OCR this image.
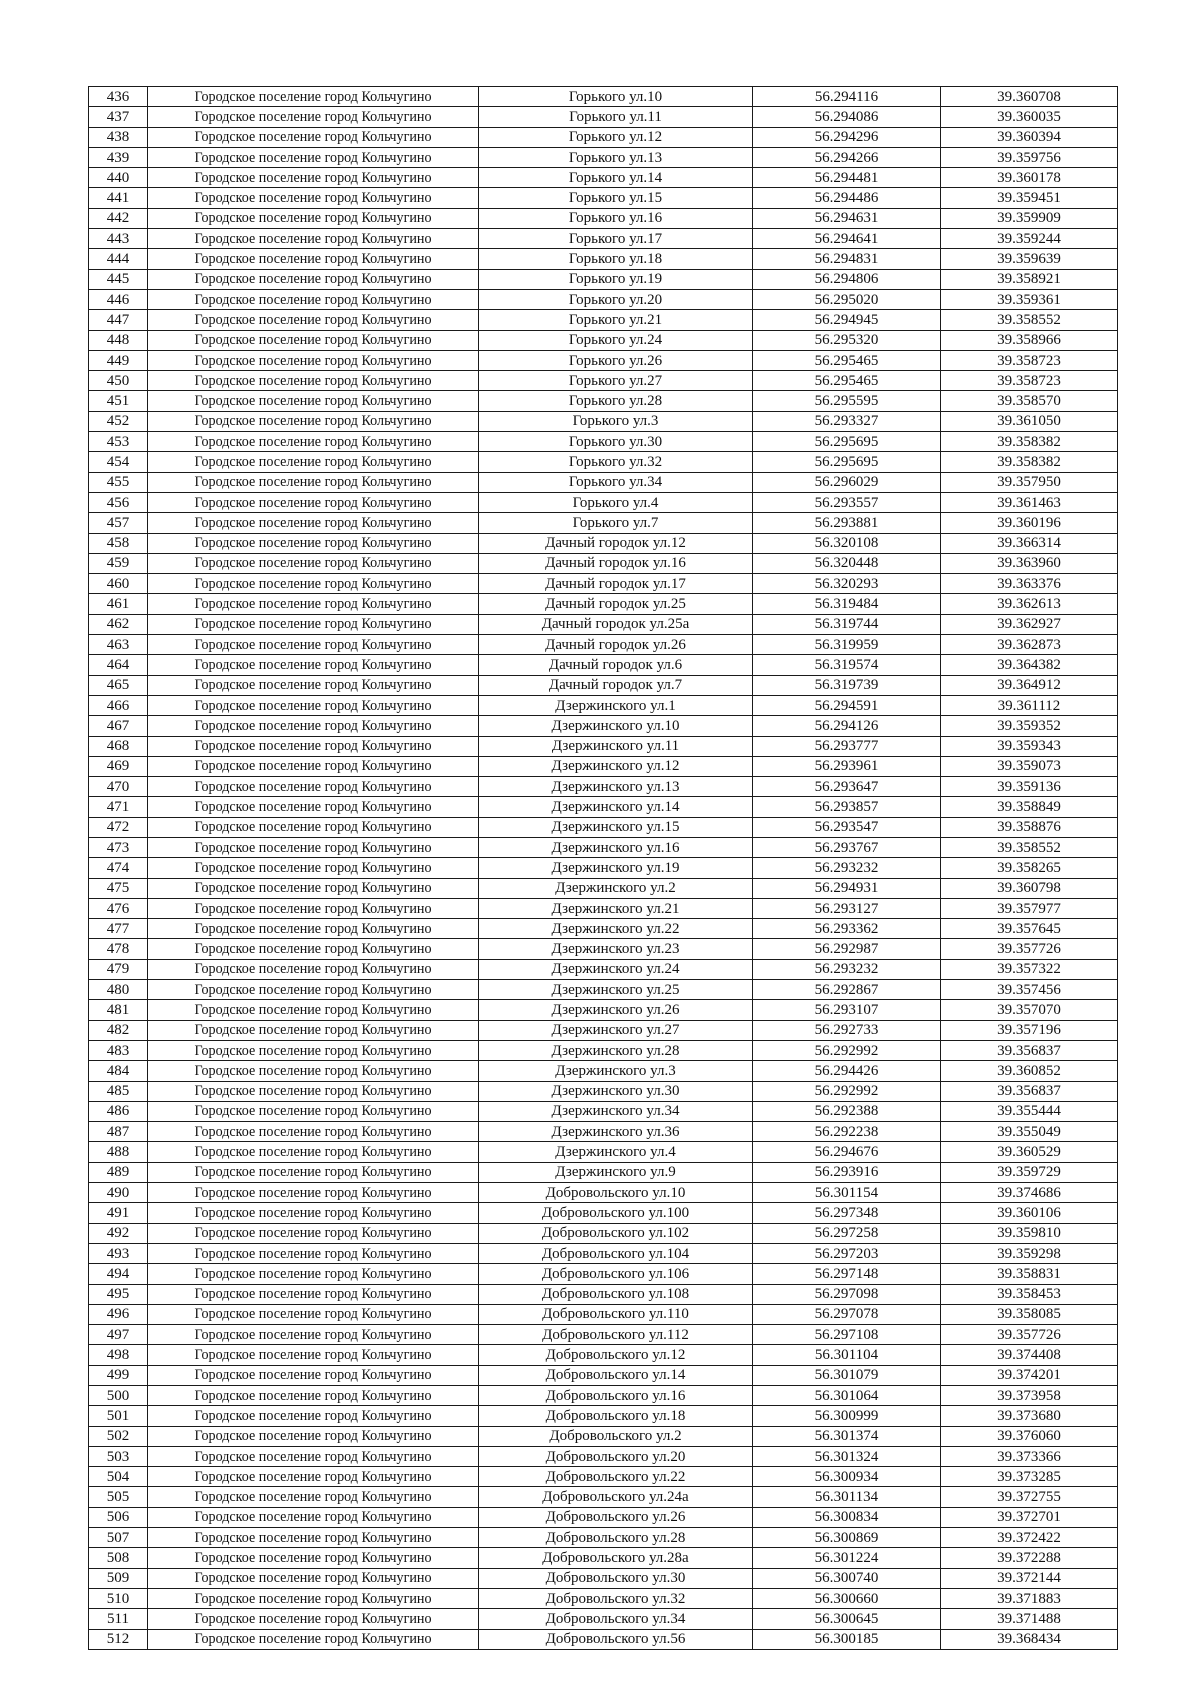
436	Городское поселение город Кольчугино	Горького ул.10	56.294116	39.360708
437	Городское поселение город Кольчугино	Горького ул.11	56.294086	39.360035
438	Городское поселение город Кольчугино	Горького ул.12	56.294296	39.360394
439	Городское поселение город Кольчугино	Горького ул.13	56.294266	39.359756
440	Городское поселение город Кольчугино	Горького ул.14	56.294481	39.360178
441	Городское поселение город Кольчугино	Горького ул.15	56.294486	39.359451
442	Городское поселение город Кольчугино	Горького ул.16	56.294631	39.359909
443	Городское поселение город Кольчугино	Горького ул.17	56.294641	39.359244
444	Городское поселение город Кольчугино	Горького ул.18	56.294831	39.359639
445	Городское поселение город Кольчугино	Горького ул.19	56.294806	39.358921
446	Городское поселение город Кольчугино	Горького ул.20	56.295020	39.359361
447	Городское поселение город Кольчугино	Горького ул.21	56.294945	39.358552
448	Городское поселение город Кольчугино	Горького ул.24	56.295320	39.358966
449	Городское поселение город Кольчугино	Горького ул.26	56.295465	39.358723
450	Городское поселение город Кольчугино	Горького ул.27	56.295465	39.358723
451	Городское поселение город Кольчугино	Горького ул.28	56.295595	39.358570
452	Городское поселение город Кольчугино	Горького ул.3	56.293327	39.361050
453	Городское поселение город Кольчугино	Горького ул.30	56.295695	39.358382
454	Городское поселение город Кольчугино	Горького ул.32	56.295695	39.358382
455	Городское поселение город Кольчугино	Горького ул.34	56.296029	39.357950
456	Городское поселение город Кольчугино	Горького ул.4	56.293557	39.361463
457	Городское поселение город Кольчугино	Горького ул.7	56.293881	39.360196
458	Городское поселение город Кольчугино	Дачный городок ул.12	56.320108	39.366314
459	Городское поселение город Кольчугино	Дачный городок ул.16	56.320448	39.363960
460	Городское поселение город Кольчугино	Дачный городок ул.17	56.320293	39.363376
461	Городское поселение город Кольчугино	Дачный городок ул.25	56.319484	39.362613
462	Городское поселение город Кольчугино	Дачный городок ул.25а	56.319744	39.362927
463	Городское поселение город Кольчугино	Дачный городок ул.26	56.319959	39.362873
464	Городское поселение город Кольчугино	Дачный городок ул.6	56.319574	39.364382
465	Городское поселение город Кольчугино	Дачный городок ул.7	56.319739	39.364912
466	Городское поселение город Кольчугино	Дзержинского ул.1	56.294591	39.361112
467	Городское поселение город Кольчугино	Дзержинского ул.10	56.294126	39.359352
468	Городское поселение город Кольчугино	Дзержинского ул.11	56.293777	39.359343
469	Городское поселение город Кольчугино	Дзержинского ул.12	56.293961	39.359073
470	Городское поселение город Кольчугино	Дзержинского ул.13	56.293647	39.359136
471	Городское поселение город Кольчугино	Дзержинского ул.14	56.293857	39.358849
472	Городское поселение город Кольчугино	Дзержинского ул.15	56.293547	39.358876
473	Городское поселение город Кольчугино	Дзержинского ул.16	56.293767	39.358552
474	Городское поселение город Кольчугино	Дзержинского ул.19	56.293232	39.358265
475	Городское поселение город Кольчугино	Дзержинского ул.2	56.294931	39.360798
476	Городское поселение город Кольчугино	Дзержинского ул.21	56.293127	39.357977
477	Городское поселение город Кольчугино	Дзержинского ул.22	56.293362	39.357645
478	Городское поселение город Кольчугино	Дзержинского ул.23	56.292987	39.357726
479	Городское поселение город Кольчугино	Дзержинского ул.24	56.293232	39.357322
480	Городское поселение город Кольчугино	Дзержинского ул.25	56.292867	39.357456
481	Городское поселение город Кольчугино	Дзержинского ул.26	56.293107	39.357070
482	Городское поселение город Кольчугино	Дзержинского ул.27	56.292733	39.357196
483	Городское поселение город Кольчугино	Дзержинского ул.28	56.292992	39.356837
484	Городское поселение город Кольчугино	Дзержинского ул.3	56.294426	39.360852
485	Городское поселение город Кольчугино	Дзержинского ул.30	56.292992	39.356837
486	Городское поселение город Кольчугино	Дзержинского ул.34	56.292388	39.355444
487	Городское поселение город Кольчугино	Дзержинского ул.36	56.292238	39.355049
488	Городское поселение город Кольчугино	Дзержинского ул.4	56.294676	39.360529
489	Городское поселение город Кольчугино	Дзержинского ул.9	56.293916	39.359729
490	Городское поселение город Кольчугино	Добровольского ул.10	56.301154	39.374686
491	Городское поселение город Кольчугино	Добровольского ул.100	56.297348	39.360106
492	Городское поселение город Кольчугино	Добровольского ул.102	56.297258	39.359810
493	Городское поселение город Кольчугино	Добровольского ул.104	56.297203	39.359298
494	Городское поселение город Кольчугино	Добровольского ул.106	56.297148	39.358831
495	Городское поселение город Кольчугино	Добровольского ул.108	56.297098	39.358453
496	Городское поселение город Кольчугино	Добровольского ул.110	56.297078	39.358085
497	Городское поселение город Кольчугино	Добровольского ул.112	56.297108	39.357726
498	Городское поселение город Кольчугино	Добровольского ул.12	56.301104	39.374408
499	Городское поселение город Кольчугино	Добровольского ул.14	56.301079	39.374201
500	Городское поселение город Кольчугино	Добровольского ул.16	56.301064	39.373958
501	Городское поселение город Кольчугино	Добровольского ул.18	56.300999	39.373680
502	Городское поселение город Кольчугино	Добровольского ул.2	56.301374	39.376060
503	Городское поселение город Кольчугино	Добровольского ул.20	56.301324	39.373366
504	Городское поселение город Кольчугино	Добровольского ул.22	56.300934	39.373285
505	Городское поселение город Кольчугино	Добровольского ул.24а	56.301134	39.372755
506	Городское поселение город Кольчугино	Добровольского ул.26	56.300834	39.372701
507	Городское поселение город Кольчугино	Добровольского ул.28	56.300869	39.372422
508	Городское поселение город Кольчугино	Добровольского ул.28а	56.301224	39.372288
509	Городское поселение город Кольчугино	Добровольского ул.30	56.300740	39.372144
510	Городское поселение город Кольчугино	Добровольского ул.32	56.300660	39.371883
511	Городское поселение город Кольчугино	Добровольского ул.34	56.300645	39.371488
512	Городское поселение город Кольчугино	Добровольского ул.56	56.300185	39.368434
